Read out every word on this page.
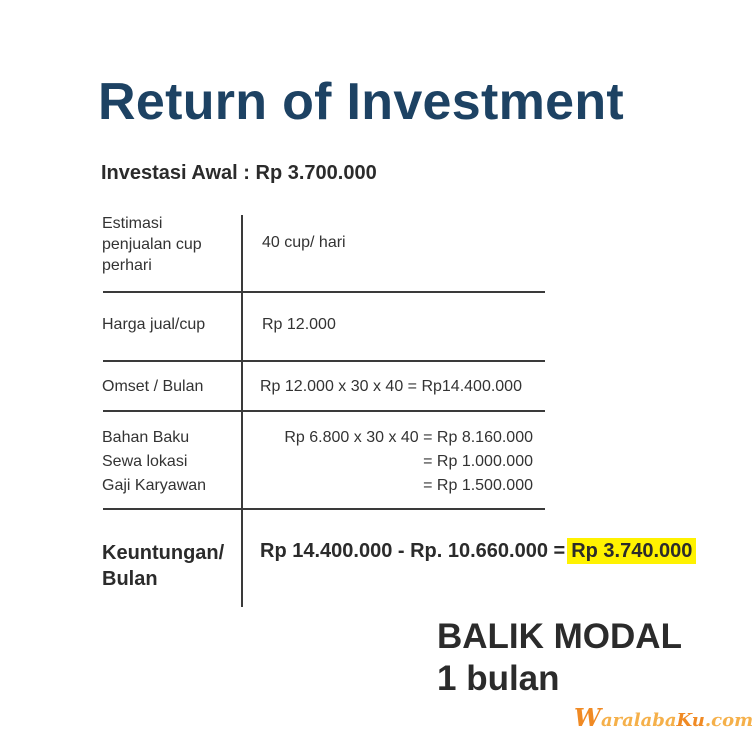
Return of Investment
Investasi Awal : Rp 3.700.000
Estimasi
penjualan cup
perhari
40 cup/ hari
Harga jual/cup	Rp 12.000
Omset / Bulan	Rp 12.000 x 30 x 40 = Rp14.400.000
Bahan Baku
Sewa lokasi
Gaji Karyawan
Rp 6.800 x 30 x 40 = Rp 8.160.000
= Rp 1.000.000
= Rp 1.500.000
Keuntungan/
Bulan
Rp 14.400.000 - Rp. 10.660.000 = Rp 3.740.000
BALIK MODAL
1 bulan
WaralabaKu.com
